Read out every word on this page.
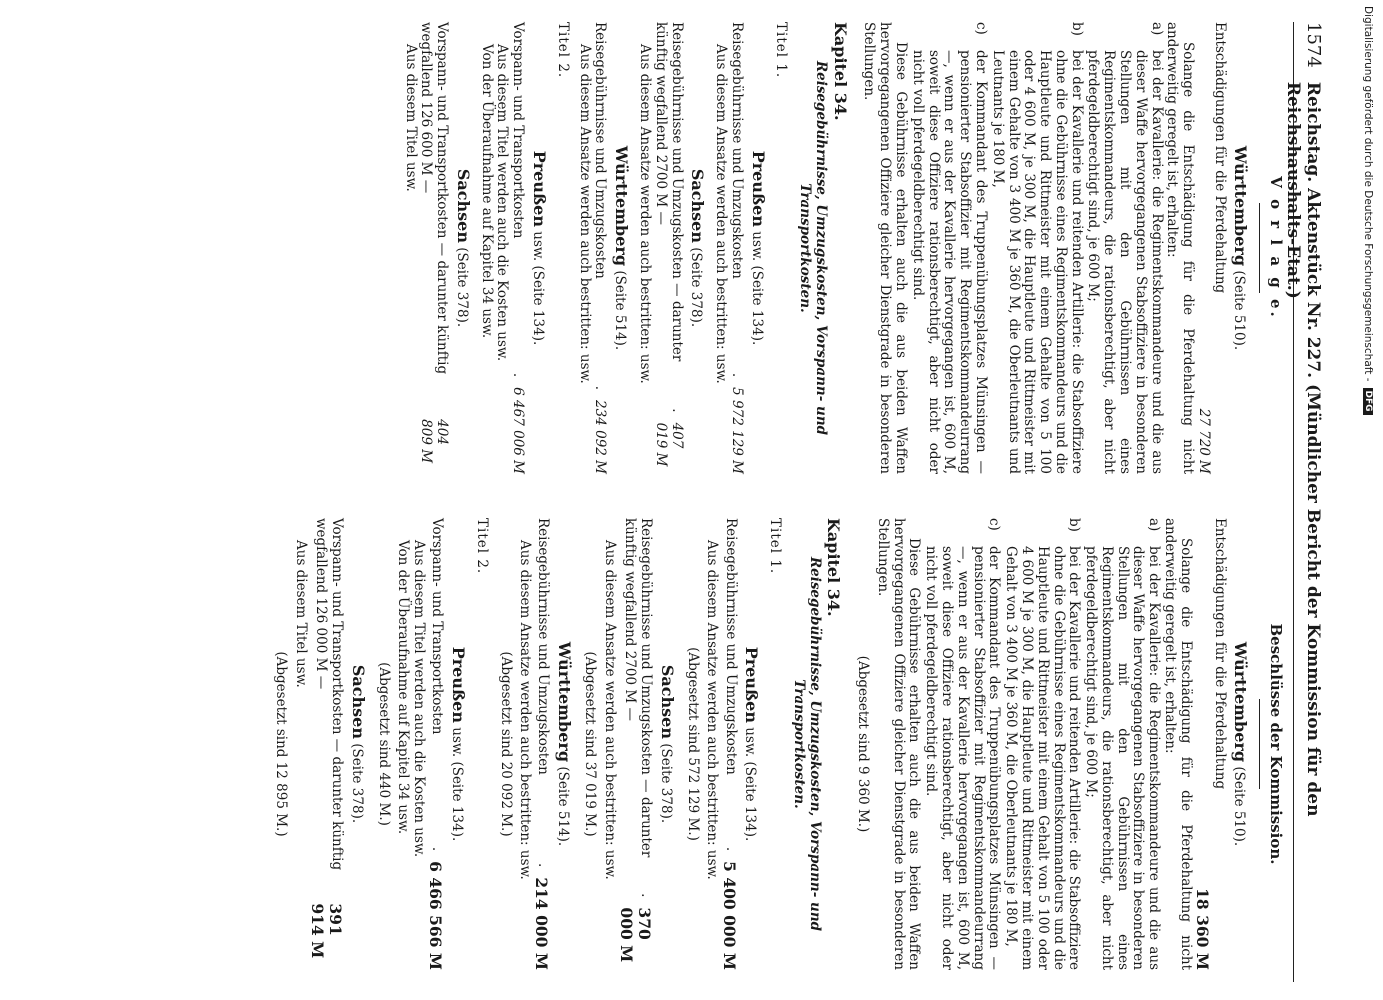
1574
Reichstag. Aktenstück Nr. 227. (Mündlicher Bericht der Kommission für den Reichshaushalts-Etat.)
V o r l a g e.
Württemberg (Seite 510).

Entschädigungen für die Pferdehaltung

27 720 M

Solange die Entschädigung für die Pferdehaltung nicht anderweitig geregelt ist, erhalten:

a)
bei der Kavallerie: die Regimentskommandeure und die aus dieser Waffe hervorgegangenen Stabsoffiziere in besonderen Stellungen mit den Gebührnissen eines Regimentskommandeurs, die rationsberechtigt, aber nicht pferdegeldberechtigt sind, je 600 M;
b)
bei der Kavallerie und reitenden Artillerie: die Stabsoffiziere ohne die Gebührnisse eines Regimentskommandeurs und die Hauptleute und Rittmeister mit einem Gehalte von 5 100 oder 4 600 M, je 300 M, die Hauptleute und Rittmeister mit einem Gehalte von 3 400 M je 360 M, die Oberleutnants und Leutnants je 180 M,
c)
der Kommandant des Truppenübungsplatzes Münsingen — pensionierter Stabsoffizier mit Regimentskommandeurrang —, wenn er aus der Kavallerie hervorgegangen ist, 600 M, soweit diese Offiziere rationsberechtigt, aber nicht oder nicht voll pferdegeldberechtigt sind.

Diese Gebührnisse erhalten auch die aus beiden Waffen hervorgegangenen Offiziere gleicher Dienstgrade in besonderen Stellungen.

Kapitel 34.
Reisegebührnisse, Umzugskosten, Vorspann- und Transportkosten.
Titel 1.
Preußen usw. (Seite 134).
Reisegebührnisse und Umzugskosten
.
5 972 129 M

Aus diesem Ansatze werden auch bestritten: usw.

Sachsen (Seite 378).
Reisegebührnisse und Umzugskosten — darunter künftig wegfallend 2700 M —
.
407 019 M

Aus diesem Ansatze werden auch bestritten: usw.

Württemberg (Seite 514).
Reisegebührnisse und Umzugskosten
.
234 092 M

Aus diesem Ansatze werden auch bestritten: usw.

Titel 2.
Preußen usw. (Seite 134).
Vorspann- und Transportkosten
.
6 467 006 M

Aus diesem Titel werden auch die Kosten usw.

Von der Überaufnahme auf Kapitel 34 usw.

Sachsen (Seite 378).
Vorspann- und Transportkosten — darunter künftig wegfallend 126 600 M —
404 809 M

Aus diesem Titel usw.

Beschlüsse der Kommission.
Württemberg (Seite 510).

Entschädigungen für die Pferdehaltung

18 360 M

Solange die Entschädigung für die Pferdehaltung nicht anderweitig geregelt ist, erhalten:

a)
bei der Kavallerie: die Regimentskommandeure und die aus dieser Waffe hervorgegangenen Stabsoffiziere in besonderen Stellungen mit den Gebührnissen eines Regimentskommandeurs, die rationsberechtigt, aber nicht pferdegeldberechtigt sind, je 600 M;
b)
bei der Kavallerie und reitenden Artillerie: die Stabsoffiziere ohne die Gebührnisse eines Regimentskommandeurs und die Hauptleute und Rittmeister mit einem Gehalt von 5 100 oder 4 600 M je 300 M, die Hauptleute und Rittmeister mit einem Gehalt von 3 400 M je 360 M, die Oberleutnants je 180 M,
c)
der Kommandant des Truppenübungsplatzes Münsingen — pensionierter Stabsoffizier mit Regimentskommandeurrang —, wenn er aus der Kavallerie hervorgegangen ist, 600 M, soweit diese Offiziere rationsberechtigt, aber nicht oder nicht voll pferdegeldberechtigt sind.

Diese Gebührnisse erhalten auch die aus beiden Waffen hervorgegangenen Offiziere gleicher Dienstgrade in besonderen Stellungen.

(Abgesetzt sind 9 360 M.)
Kapitel 34.
Reisegebührnisse, Umzugskosten, Vorspann- und Transportkosten.
Titel 1.
Preußen usw. (Seite 134).
Reisegebührnisse und Umzugskosten
.
5 400 000 M

Aus diesem Ansatze werden auch bestritten: usw.

(Abgesetzt sind 572 129 M.)
Sachsen (Seite 378).
Reisegebührnisse und Umzugskosten — darunter künftig wegfallend 2700 M —
.
370 000 M

Aus diesem Ansatze werden auch bestritten: usw.

(Abgesetzt sind 37 019 M.)
Württemberg (Seite 514).
Reisegebührnisse und Umzugskosten
.
214 000 M

Aus diesem Ansatze werden auch bestritten: usw.

(Abgesetzt sind 20 092 M.)
Titel 2.
Preußen usw. (Seite 134).
Vorspann- und Transportkosten
.
6 466 566 M

Aus diesem Titel werden auch die Kosten usw.

Von der Überaufnahme auf Kapitel 34 usw.

(Abgesetzt sind 440 M.)
Sachsen (Seite 378).
Vorspann- und Transportkosten — darunter künftig wegfallend 126 000 M —
391 914 M

Aus diesem Titel usw.

(Abgesetzt sind 12 895 M.)
Digitalisierung gefördert durch die Deutsche Forschungsgemeinschaft -
DFG
